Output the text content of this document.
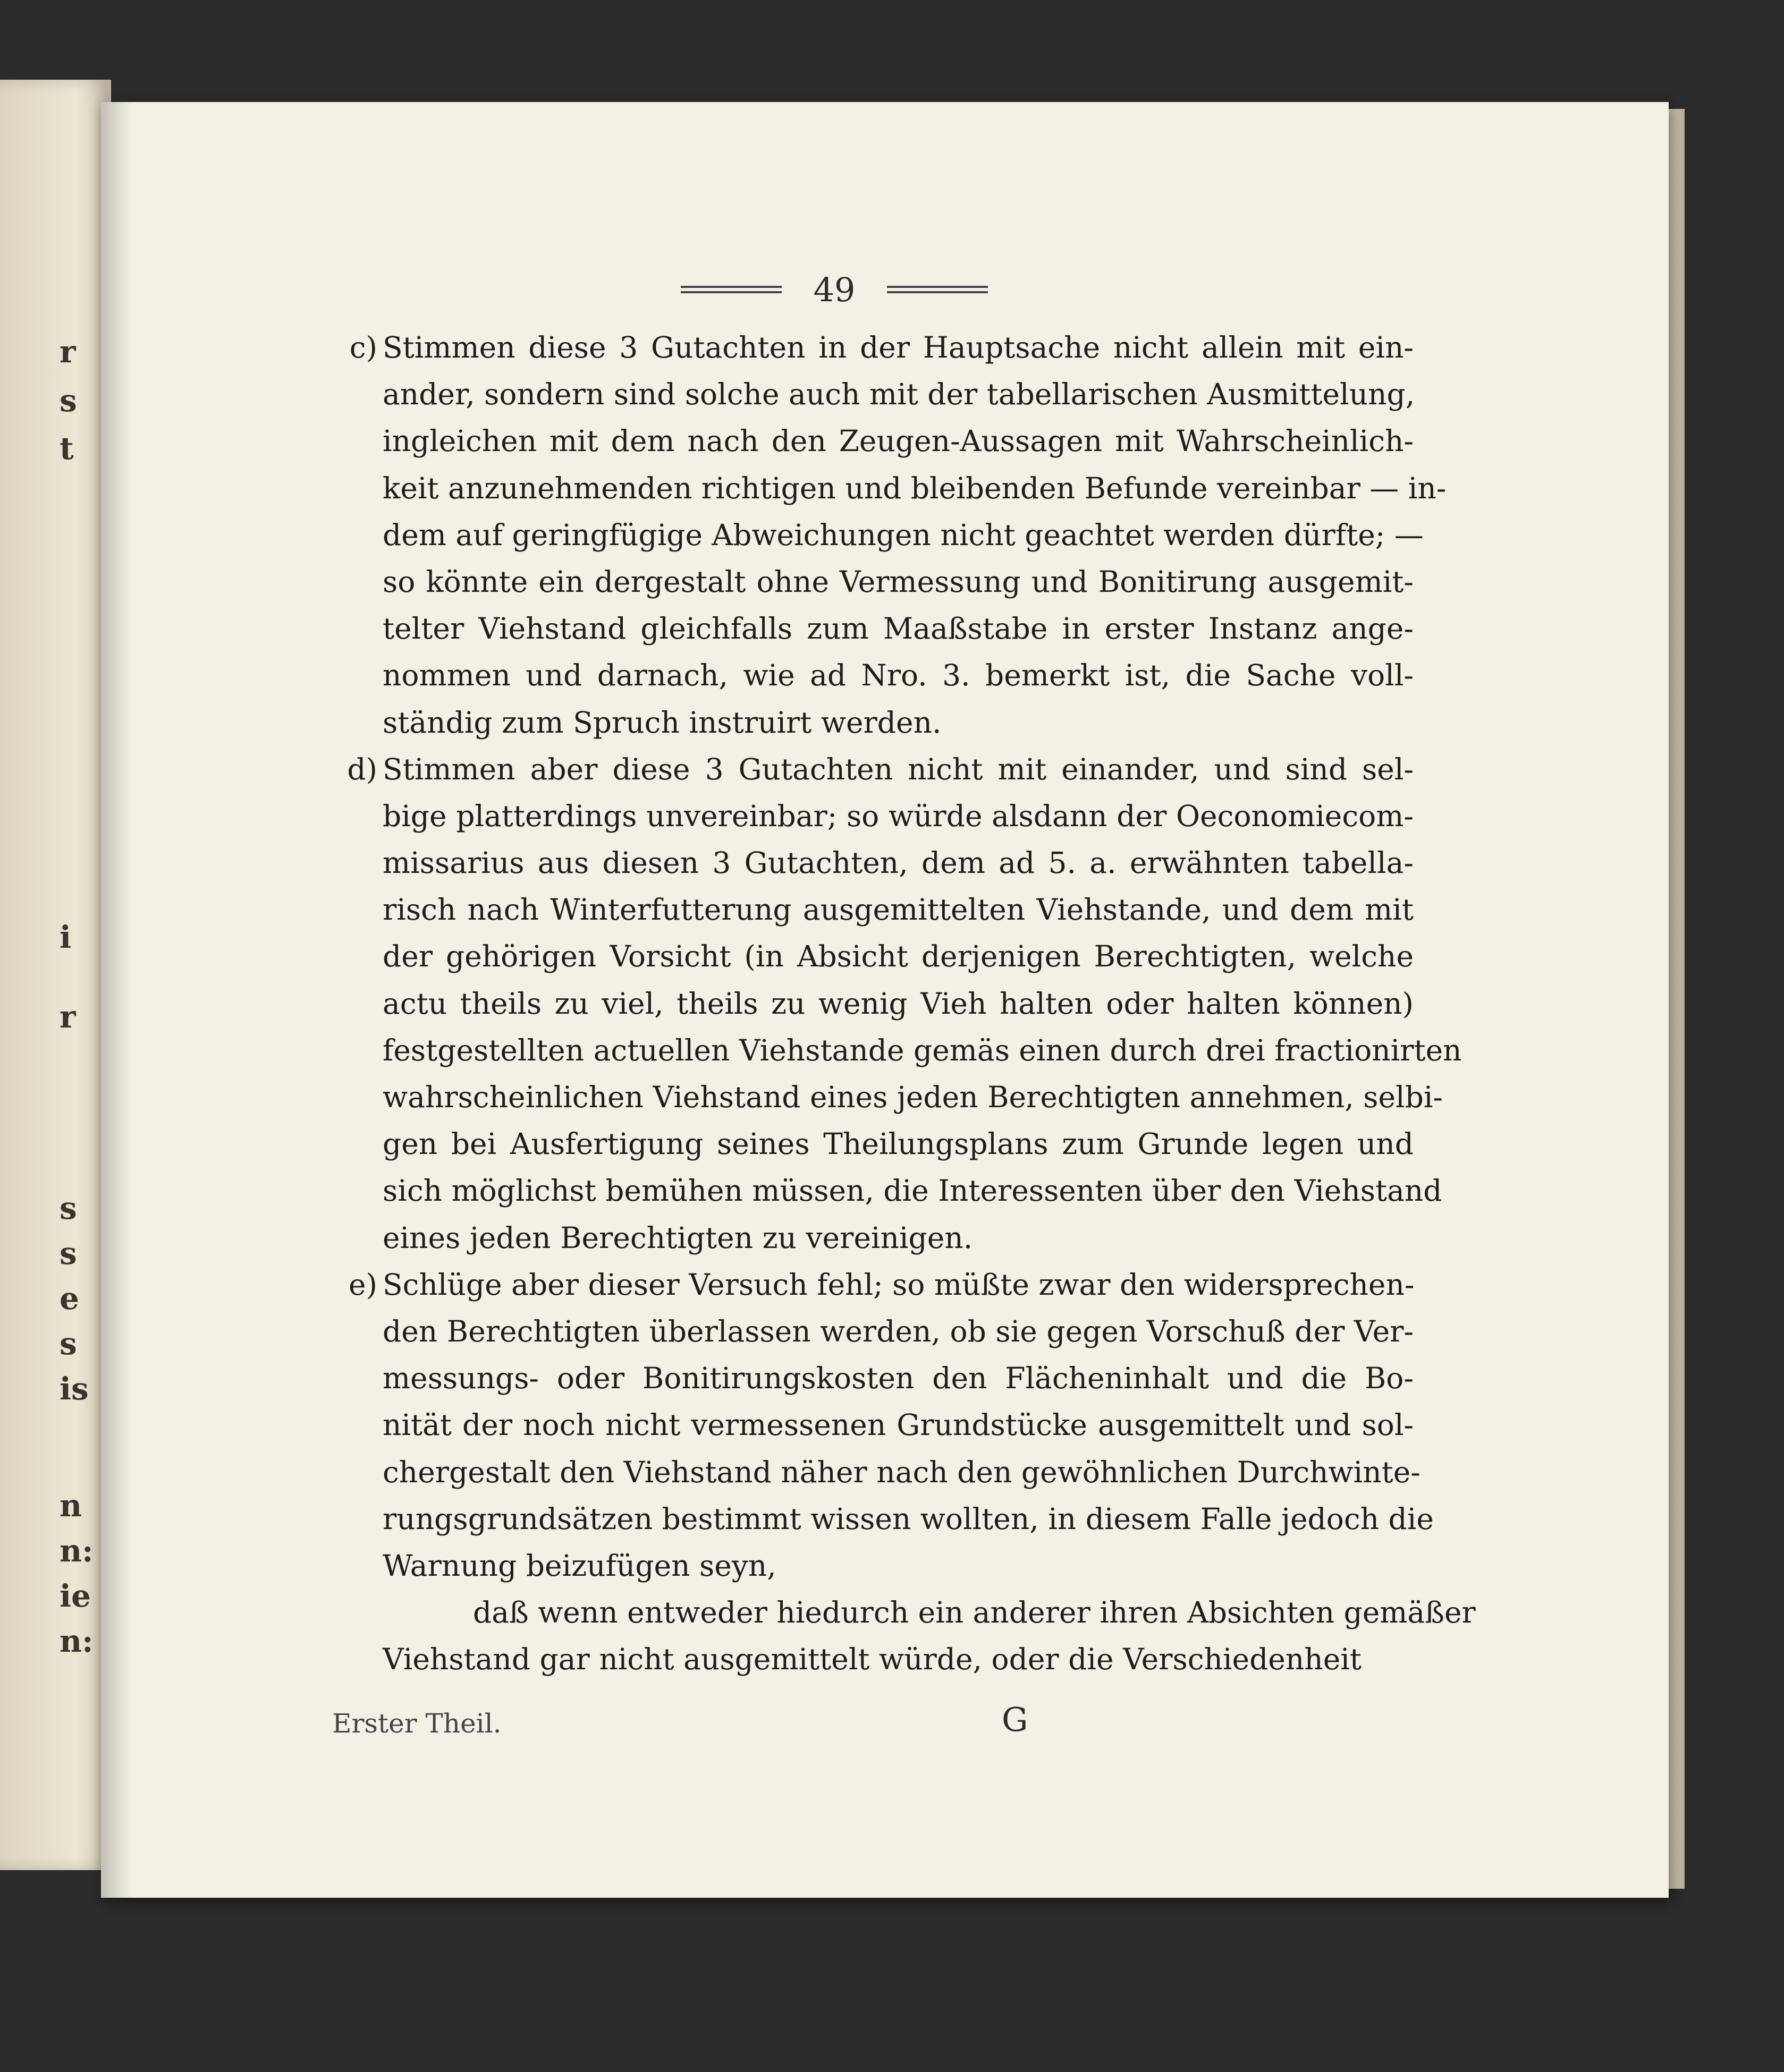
r
s
t
i
r
s
s
e
s
is
n
n:
ie
n:
49
c) Stimmen diese 3 Gutachten in der Hauptsache nicht allein mit ein-
ander, sondern sind solche auch mit der tabellarischen Ausmittelung,
ingleichen mit dem nach den Zeugen-Aussagen mit Wahrscheinlich-
keit anzunehmenden richtigen und bleibenden Befunde vereinbar — in-
dem auf geringfügige Abweichungen nicht geachtet werden dürfte; —
so könnte ein dergestalt ohne Vermessung und Bonitirung ausgemit-
telter Viehstand gleichfalls zum Maaßstabe in erster Instanz ange-
nommen und darnach, wie ad Nro. 3. bemerkt ist, die Sache voll-
ständig zum Spruch instruirt werden.
d) Stimmen aber diese 3 Gutachten nicht mit einander, und sind sel-
bige platterdings unvereinbar; so würde alsdann der Oeconomiecom-
missarius aus diesen 3 Gutachten, dem ad 5. a. erwähnten tabella-
risch nach Winterfutterung ausgemittelten Viehstande, und dem mit
der gehörigen Vorsicht (in Absicht derjenigen Berechtigten, welche
actu theils zu viel, theils zu wenig Vieh halten oder halten können)
festgestellten actuellen Viehstande gemäs einen durch drei fractionirten
wahrscheinlichen Viehstand eines jeden Berechtigten annehmen, selbi-
gen bei Ausfertigung seines Theilungsplans zum Grunde legen und
sich möglichst bemühen müssen, die Interessenten über den Viehstand
eines jeden Berechtigten zu vereinigen.
e) Schlüge aber dieser Versuch fehl; so müßte zwar den widersprechen-
den Berechtigten überlassen werden, ob sie gegen Vorschuß der Ver-
messungs- oder Bonitirungskosten den Flächeninhalt und die Bo-
nität der noch nicht vermessenen Grundstücke ausgemittelt und sol-
chergestalt den Viehstand näher nach den gewöhnlichen Durchwinte-
rungsgrundsätzen bestimmt wissen wollten, in diesem Falle jedoch die
Warnung beizufügen seyn,
daß wenn entweder hiedurch ein anderer ihren Absichten gemäßer
Viehstand gar nicht ausgemittelt würde, oder die Verschiedenheit
Erster Theil.	G
